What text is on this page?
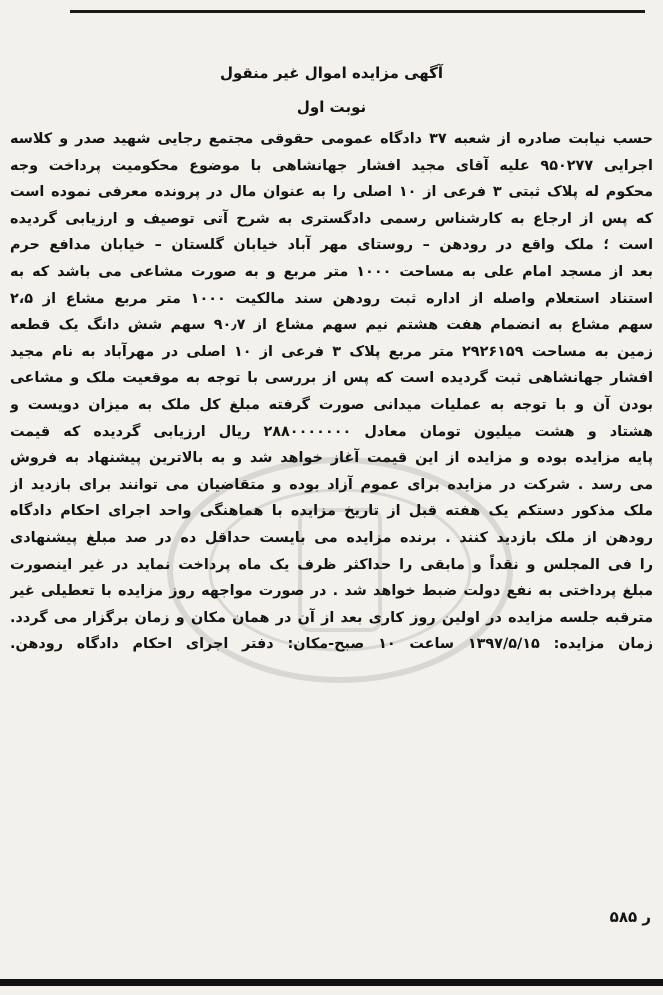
آگهی مزایده اموال غیر منقول
نوبت اول
حسب نیابت صادره از شعبه ۳۷ دادگاه عمومی حقوقی مجتمع رجایی شهید صدر و کلاسه
اجرایی ۹۵۰۲۷۷ علیه آقای مجید افشار جهانشاهی با موضوع محکومیت پرداخت وجه
محکوم له پلاک ثبتی ۳ فرعی از ۱۰ اصلی را به عنوان مال در پرونده معرفی نموده است
که پس از ارجاع به کارشناس رسمی دادگستری به شرح آتی توصیف و ارزیابی گردیده
است ؛ ملک واقع در رودهن – روستای مهر آباد خیابان گلستان – خیابان مدافع حرم
بعد از مسجد امام علی به مساحت ۱۰۰۰ متر مربع و به صورت مشاعی می باشد که به
استناد استعلام واصله از اداره ثبت رودهن سند مالکیت ۱۰۰۰ متر مربع مشاع از ۲،۵
سهم مشاع به انضمام هفت هشتم نیم سهم مشاع از ۹۰٫۷ سهم شش دانگ یک قطعه
زمین به مساحت ۲۹۲۶۱۵۹ متر مربع پلاک ۳ فرعی از ۱۰ اصلی در مهرآباد به نام مجید
افشار جهانشاهی ثبت گردیده است که پس از بررسی با توجه به موقعیت ملک و مشاعی
بودن آن و با توجه به عملیات میدانی صورت گرفته مبلغ کل ملک به میزان دویست و
هشتاد و هشت میلیون تومان معادل ۲۸۸۰۰۰۰۰۰۰ ریال ارزیابی گردیده که قیمت
پایه مزایده بوده و مزایده از این قیمت آغاز خواهد شد و به بالاترین پیشنهاد به فروش
می رسد . شرکت در مزایده برای عموم آزاد بوده و متقاضیان می توانند برای بازدید از
ملک مذکور دستکم یک هفته قبل از تاریخ مزایده با هماهنگی واحد اجرای احکام دادگاه
رودهن از ملک بازدید کنند . برنده مزایده می بایست حداقل ده در صد مبلغ پیشنهادی
را فی المجلس و نقداً و مابقی را حداکثر ظرف یک ماه پرداخت نماید در غیر اینصورت
مبلغ پرداختی به نفع دولت ضبط خواهد شد . در صورت مواجهه روز مزایده با تعطیلی غیر
مترقبه جلسه مزایده در اولین روز کاری بعد از آن در همان مکان و زمان برگزار می گردد.
زمان مزایده: ۱۳۹۷/۵/۱۵ ساعت ۱۰ صبح-مکان: دفتر اجرای احکام دادگاه رودهن.
ر ۵۸۵
